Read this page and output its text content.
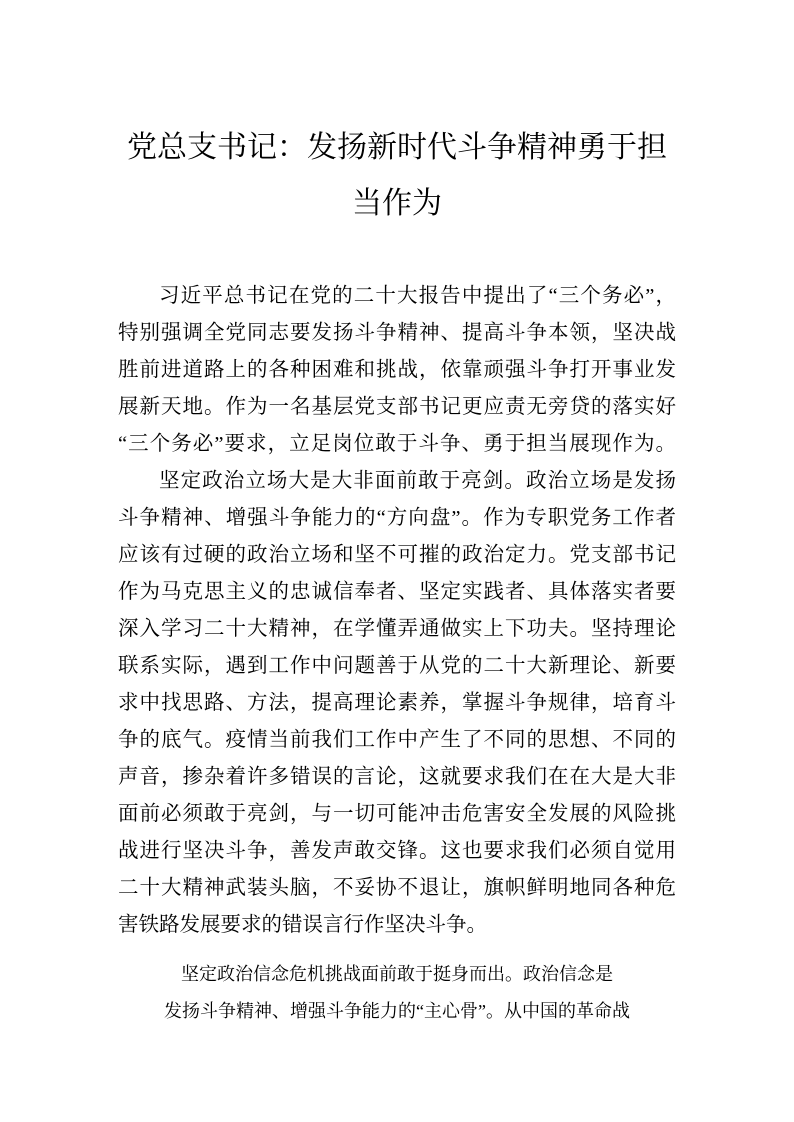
党总支书记：发扬新时代斗争精神勇于担
当作为
习近平总书记在党的二十大报告中提出了“三个务必”，
特别强调全党同志要发扬斗争精神、提高斗争本领，坚决战
胜前进道路上的各种困难和挑战，依靠顽强斗争打开事业发
展新天地。作为一名基层党支部书记更应责无旁贷的落实好
“三个务必”要求，立足岗位敢于斗争、勇于担当展现作为。
坚定政治立场大是大非面前敢于亮剑。政治立场是发扬
斗争精神、增强斗争能力的“方向盘”。作为专职党务工作者
应该有过硬的政治立场和坚不可摧的政治定力。党支部书记
作为马克思主义的忠诚信奉者、坚定实践者、具体落实者要
深入学习二十大精神，在学懂弄通做实上下功夫。坚持理论
联系实际，遇到工作中问题善于从党的二十大新理论、新要
求中找思路、方法，提高理论素养，掌握斗争规律，培育斗
争的底气。疫情当前我们工作中产生了不同的思想、不同的
声音，掺杂着许多错误的言论，这就要求我们在在大是大非
面前必须敢于亮剑，与一切可能冲击危害安全发展的风险挑
战进行坚决斗争，善发声敢交锋。这也要求我们必须自觉用
二十大精神武装头脑，不妥协不退让，旗帜鲜明地同各种危
害铁路发展要求的错误言行作坚决斗争。
坚定政治信念危机挑战面前敢于挺身而出。政治信念是
发扬斗争精神、增强斗争能力的“主心骨”。从中国的革命战
